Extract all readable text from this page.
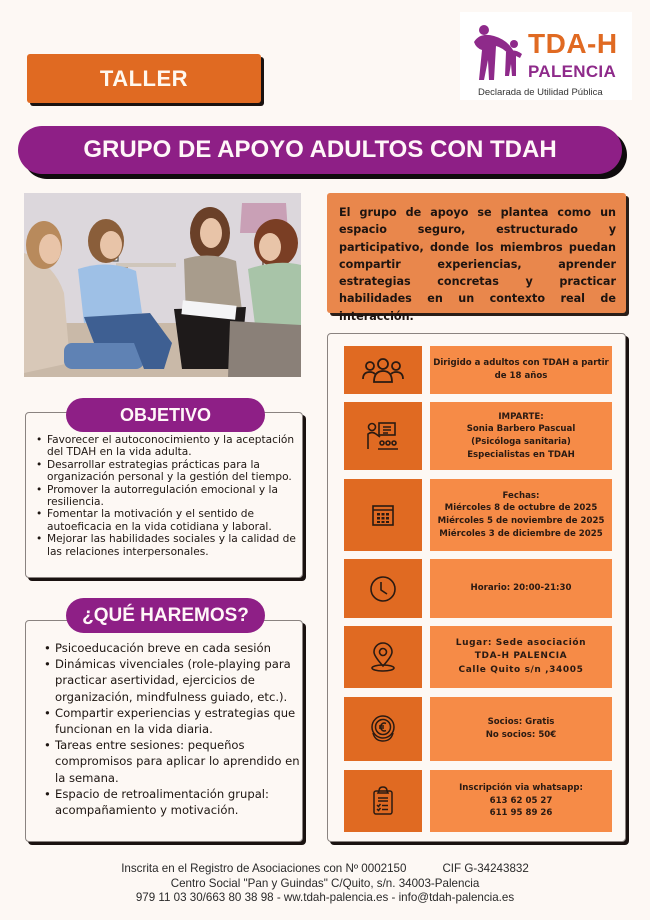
TALLER
TDA-H
PALENCIA
Declarada de Utilidad Pública
GRUPO DE APOYO ADULTOS CON TDAH
El grupo de apoyo se plantea como un espacio seguro, estructurado y participativo, donde los miembros puedan compartir experiencias, aprender estrategias concretas y practicar habilidades en un contexto real de interacción.
OBJETIVO
• Favorecer el autoconocimiento y la aceptación del TDAH en la vida adulta.
• Desarrollar estrategias prácticas para la organización personal y la gestión del tiempo.
• Promover la autorregulación emocional y la resiliencia.
• Fomentar la motivación y el sentido de autoeficacia en la vida cotidiana y laboral.
• Mejorar las habilidades sociales y la calidad de las relaciones interpersonales.
¿QUÉ HAREMOS?
• Psicoeducación breve en cada sesión
• Dinámicas vivenciales (role-playing para practicar asertividad, ejercicios de organización, mindfulness guiado, etc.).
• Compartir experiencias y estrategias que funcionan en la vida diaria.
• Tareas entre sesiones: pequeños compromisos para aplicar lo aprendido en la semana.
• Espacio de retroalimentación grupal: acompañamiento y motivación.
Dirigido a adultos con TDAH a partir
de 18 años
IMPARTE:
Sonia Barbero Pascual
(Psicóloga sanitaria)
Especialistas en TDAH
Fechas:
Miércoles 8 de octubre de 2025
Miércoles 5 de noviembre de 2025
Miércoles 3 de diciembre de 2025
Horario: 20:00-21:30
Lugar: Sede asociación
TDA-H PALENCIA
Calle Quito s/n ,34005
Socios: Gratis
No socios: 50€
Inscripción via whatsapp:
613 62 05 27
611 95 89 26
Inscrita en el Registro de Asociaciones con Nº 0002150	CIF G-34243832
Centro Social "Pan y Guindas" C/Quito, s/n. 34003-Palencia
979 11 03 30/663 80 38 98 - ww.tdah-palencia.es - info@tdah-palencia.es
